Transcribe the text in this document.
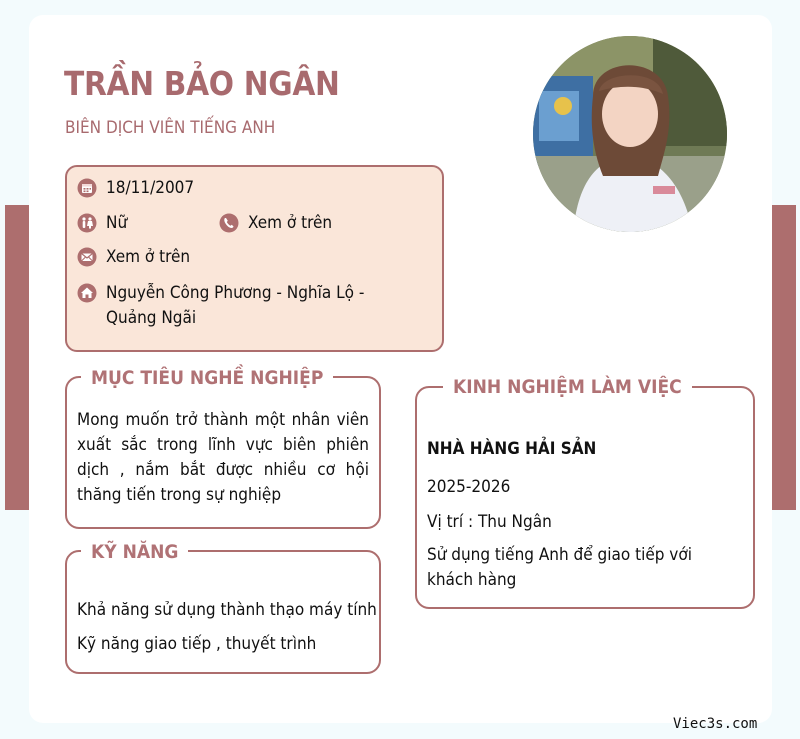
TRẦN BẢO NGÂN
BIÊN DỊCH VIÊN TIẾNG ANH
18/11/2007
Nữ	Xem ở trên
Xem ở trên
Nguyễn Công Phương - Nghĩa Lộ -
Quảng Ngãi
MỤC TIÊU NGHỀ NGHIỆP
Mong muốn trở thành một nhân viên xuất sắc trong lĩnh vực biên phiên dịch , nắm bắt được nhiều cơ hội thăng tiến trong sự nghiệp
KỸ NĂNG
Khả năng sử dụng thành thạo máy tính
Kỹ năng giao tiếp , thuyết trình
KINH NGHIỆM LÀM VIỆC
NHÀ HÀNG HẢI SẢN
2025-2026
Vị trí : Thu Ngân
Sử dụng tiếng Anh để giao tiếp với
khách hàng
Viec3s.com
